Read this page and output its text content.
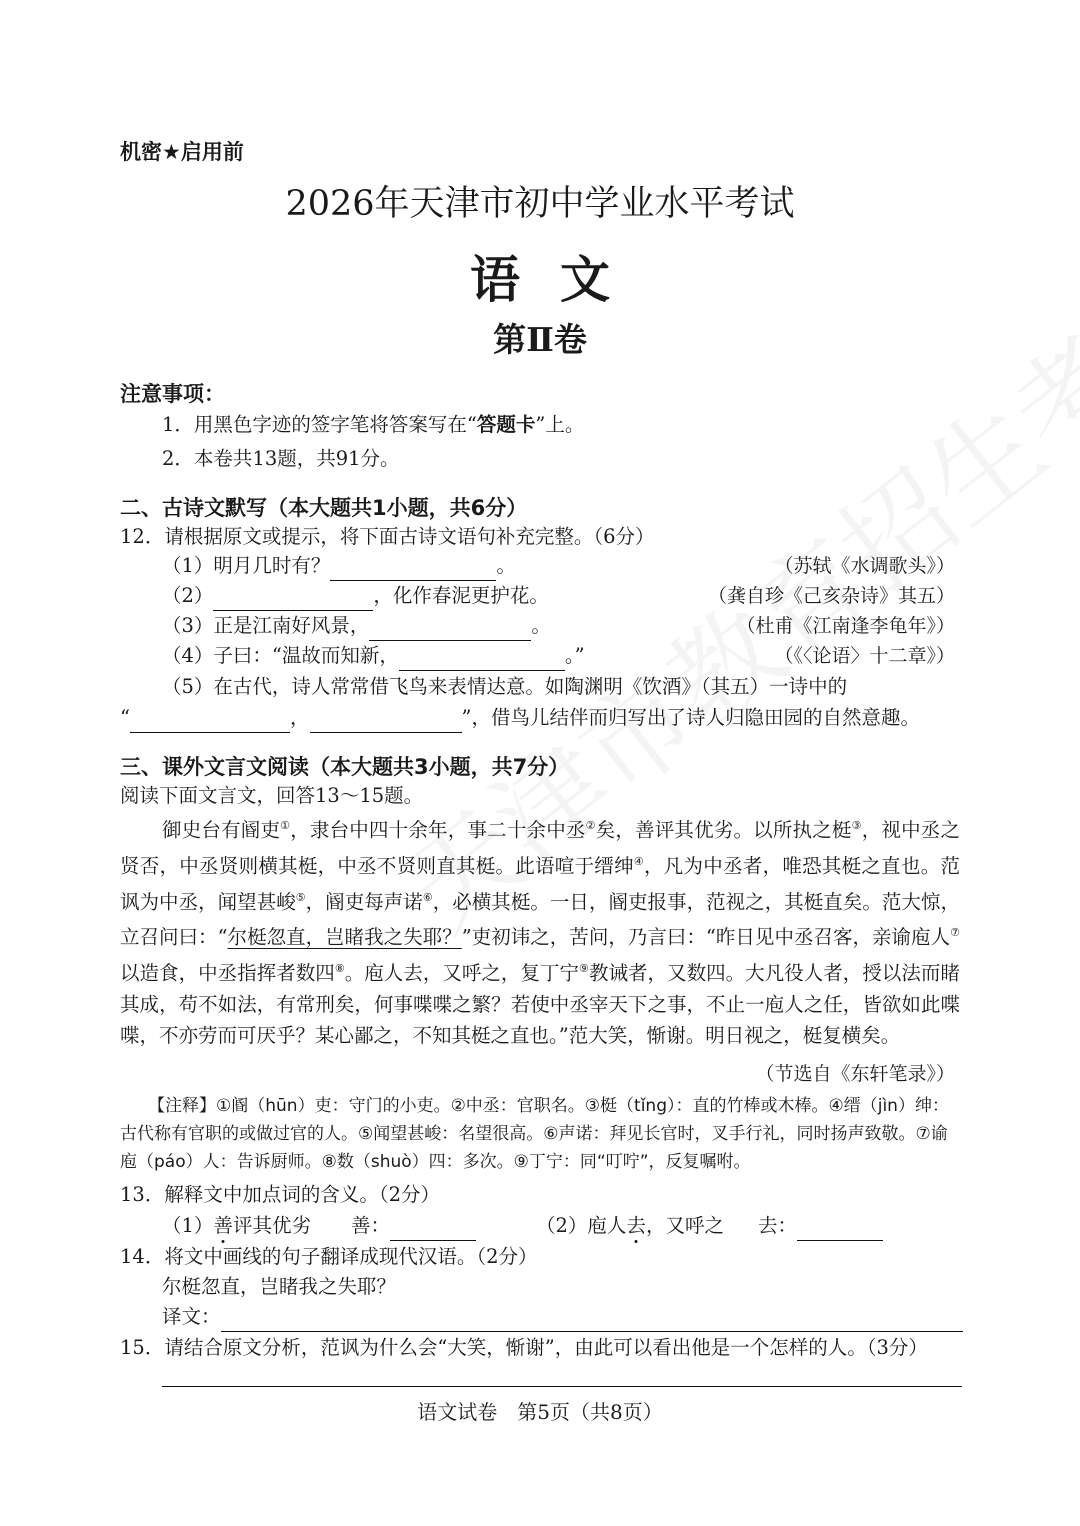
机密★启用前
2026年天津市初中学业水平考试
语文
第Ⅱ卷
注意事项：
1．用黑色字迹的签字笔将答案写在“答题卡”上。
2．本卷共13题，共91分。
二、古诗文默写（本大题共1小题，共6分）
12．请根据原文或提示，将下面古诗文语句补充完整。（6分）
（1）明月几时有？	。	（苏轼《水调歌头》）
（2）	，化作春泥更护花。	（龚自珍《己亥杂诗》其五）
（3）正是江南好风景，	。	（杜甫《江南逢李龟年》）
（4）子曰：“温故而知新，	。”	（《〈论语〉十二章》）
（5）在古代，诗人常常借飞鸟来表情达意。如陶渊明《饮酒》（其五）一诗中的
“	，	”，借鸟儿结伴而归写出了诗人归隐田园的自然意趣。
三、课外文言文阅读（本大题共3小题，共7分）
阅读下面文言文，回答13～15题。
御史台有阍吏①，隶台中四十余年，事二十余中丞②矣，善评其优劣。以所执之梃③，视中丞之贤否，中丞贤则横其梃，中丞不贤则直其梃。此语喧于缙绅④，凡为中丞者，唯恐其梃之直也。范讽为中丞，闻望甚峻⑤，阍吏每声诺⑥，必横其梃。一日，阍吏报事，范视之，其梃直矣。范大惊，立召问曰：“尔梃忽直，岂睹我之失耶？”吏初讳之，苦问，乃言曰：“昨日见中丞召客，亲谕庖人⑦以造食，中丞指挥者数四⑧。庖人去，又呼之，复丁宁⑨教诫者，又数四。大凡役人者，授以法而睹其成，苟不如法，有常刑矣，何事喋喋之繁？若使中丞宰天下之事，不止一庖人之任，皆欲如此喋喋，不亦劳而可厌乎？某心鄙之，不知其梃之直也。”范大笑，惭谢。明日视之，梃复横矣。
（节选自《东轩笔录》）
【注释】①阍（hūn）吏：守门的小吏。②中丞：官职名。③梃（tǐng）：直的竹棒或木棒。④缙（jìn）绅：古代称有官职的或做过官的人。⑤闻望甚峻：名望很高。⑥声诺：拜见长官时，叉手行礼，同时扬声致敬。⑦谕庖（páo）人：告诉厨师。⑧数（shuò）四：多次。⑨丁宁：同“叮咛”，反复嘱咐。
13．解释文中加点词的含义。（2分）
（1）善评其优劣 善：	（2）庖人去，又呼之 去：
14．将文中画线的句子翻译成现代汉语。（2分）
尔梃忽直，岂睹我之失耶？
译文：
15．请结合原文分析，范讽为什么会“大笑，惭谢”，由此可以看出他是一个怎样的人。（3分）
语文试卷　第5页（共8页）
